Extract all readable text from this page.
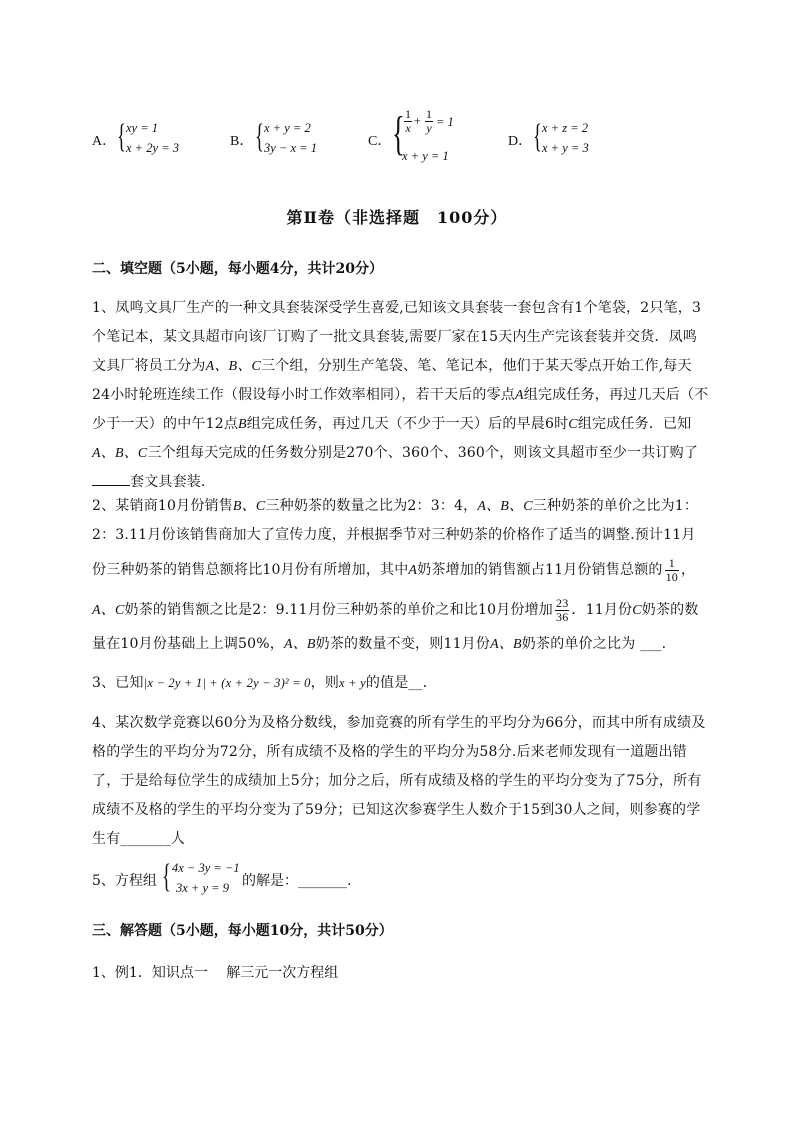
A． { xy = 1
x + 2y = 3	B． { x + y = 2
3y − x = 1	C． { $\frac{1}{x} + \frac{1}{y} = 1$
x + y = 1
D． { x + z = 2
x + y = 3
第Ⅱ卷（非选择题　100分）
二、填空题（5小题，每小题4分，共计20分）
1、凤鸣文具厂生产的一种文具套装深受学生喜爱,已知该文具套装一套包含有1个笔袋，2只笔，3
个笔记本，某文具超市向该厂订购了一批文具套装,需要厂家在15天内生产完该套装并交货．凤鸣
文具厂将员工分为A、B、C三个组，分别生产笔袋、笔、笔记本，他们于某天零点开始工作,每天
24小时轮班连续工作（假设每小时工作效率相同），若干天后的零点A组完成任务，再过几天后（不
少于一天）的中午12点B组完成任务，再过几天（不少于一天）后的早晨6时C组完成任务．已知
A、B、C三个组每天完成的任务数分别是270个、360个、360个，则该文具超市至少一共订购了
套文具套装．
2、某销商10月份销售B、C三种奶茶的数量之比为2：3：4，A、B、C三种奶茶的单价之比为1：
2：3.11月份该销售商加大了宣传力度，并根据季节对三种奶茶的价格作了适当的调整.预计11月
份三种奶茶的销售总额将比10月份有所增加，其中A奶茶增加的销售额占11月份销售总额的 $\frac{1}{10}$ ，
A、C奶茶的销售额之比是2：9.11月份三种奶茶的单价之和比10月份增加 $\frac{23}{36}$ ．11月份C奶茶的数
量在10月份基础上上调50%，A、B奶茶的数量不变，则11月份A、B奶茶的单价之比为 ___.
3、已知|x − 2y + 1| + (x + 2y − 3)² = 0，则x + y的值是__．
4、某次数学竞赛以60分为及格分数线，参加竞赛的所有学生的平均分为66分，而其中所有成绩及
格的学生的平均分为72分，所有成绩不及格的学生的平均分为58分.后来老师发现有一道题出错
了，于是给每位学生的成绩加上5分；加分之后，所有成绩及格的学生的平均分变为了75分，所有
成绩不及格的学生的平均分变为了59分；已知这次参赛学生人数介于15到30人之间，则参赛的学
生有_______人
5、方程组 { 4x − 3y = −1
3x + y = 9 的解是：_______.
三、解答题（5小题，每小题10分，共计50分）
1、例1．知识点一　 解三元一次方程组
